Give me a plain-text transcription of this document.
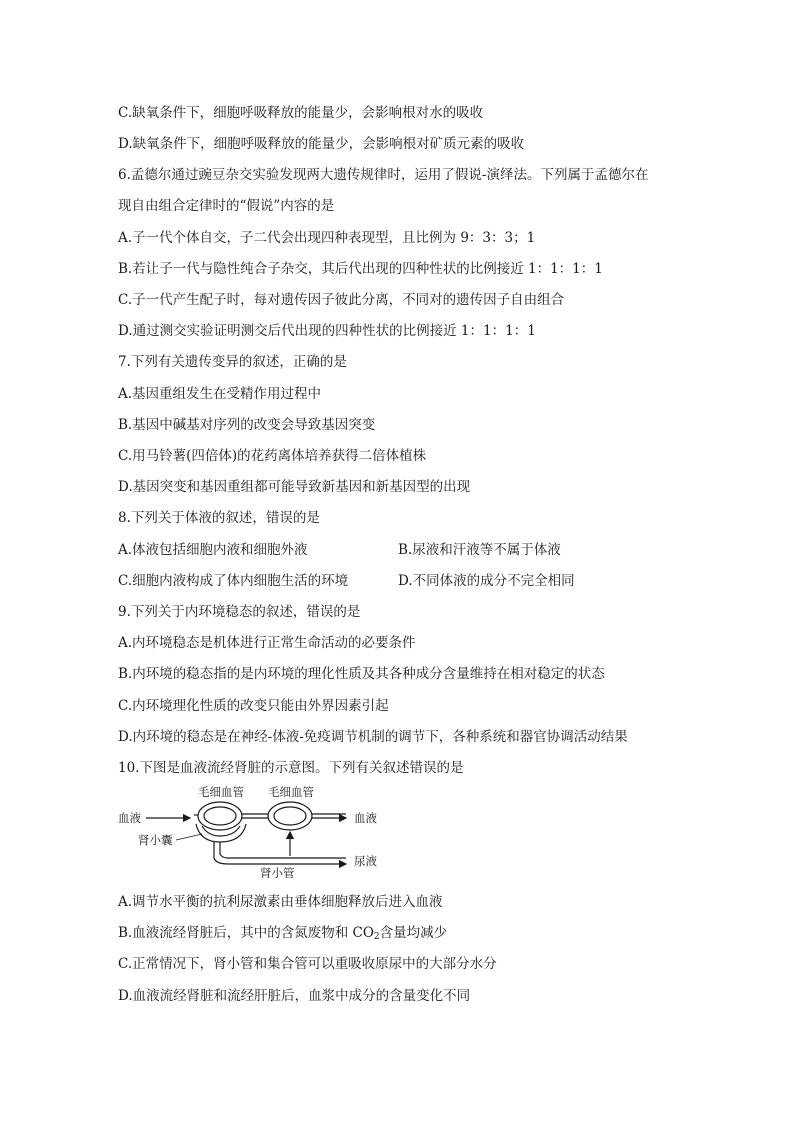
C.缺氧条件下，细胞呼吸释放的能量少，会影响根对水的吸收
D.缺氧条件下，细胞呼吸释放的能量少，会影响根对矿质元素的吸收
6.孟德尔通过豌豆杂交实验发现两大遗传规律时，运用了假说-演绎法。下列属于孟德尔在
现自由组合定律时的“假说”内容的是
A.子一代个体自交，子二代会出现四种表现型，且比例为 9：3：3；1
B.若让子一代与隐性纯合子杂交，其后代出现的四种性状的比例接近 1：1：1：1
C.子一代产生配子时，每对遗传因子彼此分离，不同对的遗传因子自由组合
D.通过测交实验证明测交后代出现的四种性状的比例接近 1：1：1：1
7.下列有关遗传变异的叙述，正确的是
A.基因重组发生在受精作用过程中
B.基因中碱基对序列的改变会导致基因突变
C.用马铃薯(四倍体)的花药离体培养获得二倍体植株
D.基因突变和基因重组都可能导致新基因和新基因型的出现
8.下列关于体液的叙述，错误的是
A.体液包括细胞内液和细胞外液	B.尿液和汗液等不属于体液
C.细胞内液构成了体内细胞生活的环境	D.不同体液的成分不完全相同
9.下列关于内环境稳态的叙述，错误的是
A.内环境稳态是机体进行正常生命活动的必要条件
B.内环境的稳态指的是内环境的理化性质及其各种成分含量维持在相对稳定的状态
C.内环境理化性质的改变只能由外界因素引起
D.内环境的稳态是在神经-体液-免疫调节机制的调节下，各种系统和器官协调活动结果
10.下图是血液流经肾脏的示意图。下列有关叙述错误的是
毛细血管 毛细血管
血液	血液
尿液
肾小囊
肾小管
A.调节水平衡的抗利尿激素由垂体细胞释放后进入血液
B.血液流经肾脏后，其中的含氮废物和 $CO_2$含量均减少
C.正常情况下，肾小管和集合管可以重吸收原尿中的大部分水分
D.血液流经肾脏和流经肝脏后，血浆中成分的含量变化不同
